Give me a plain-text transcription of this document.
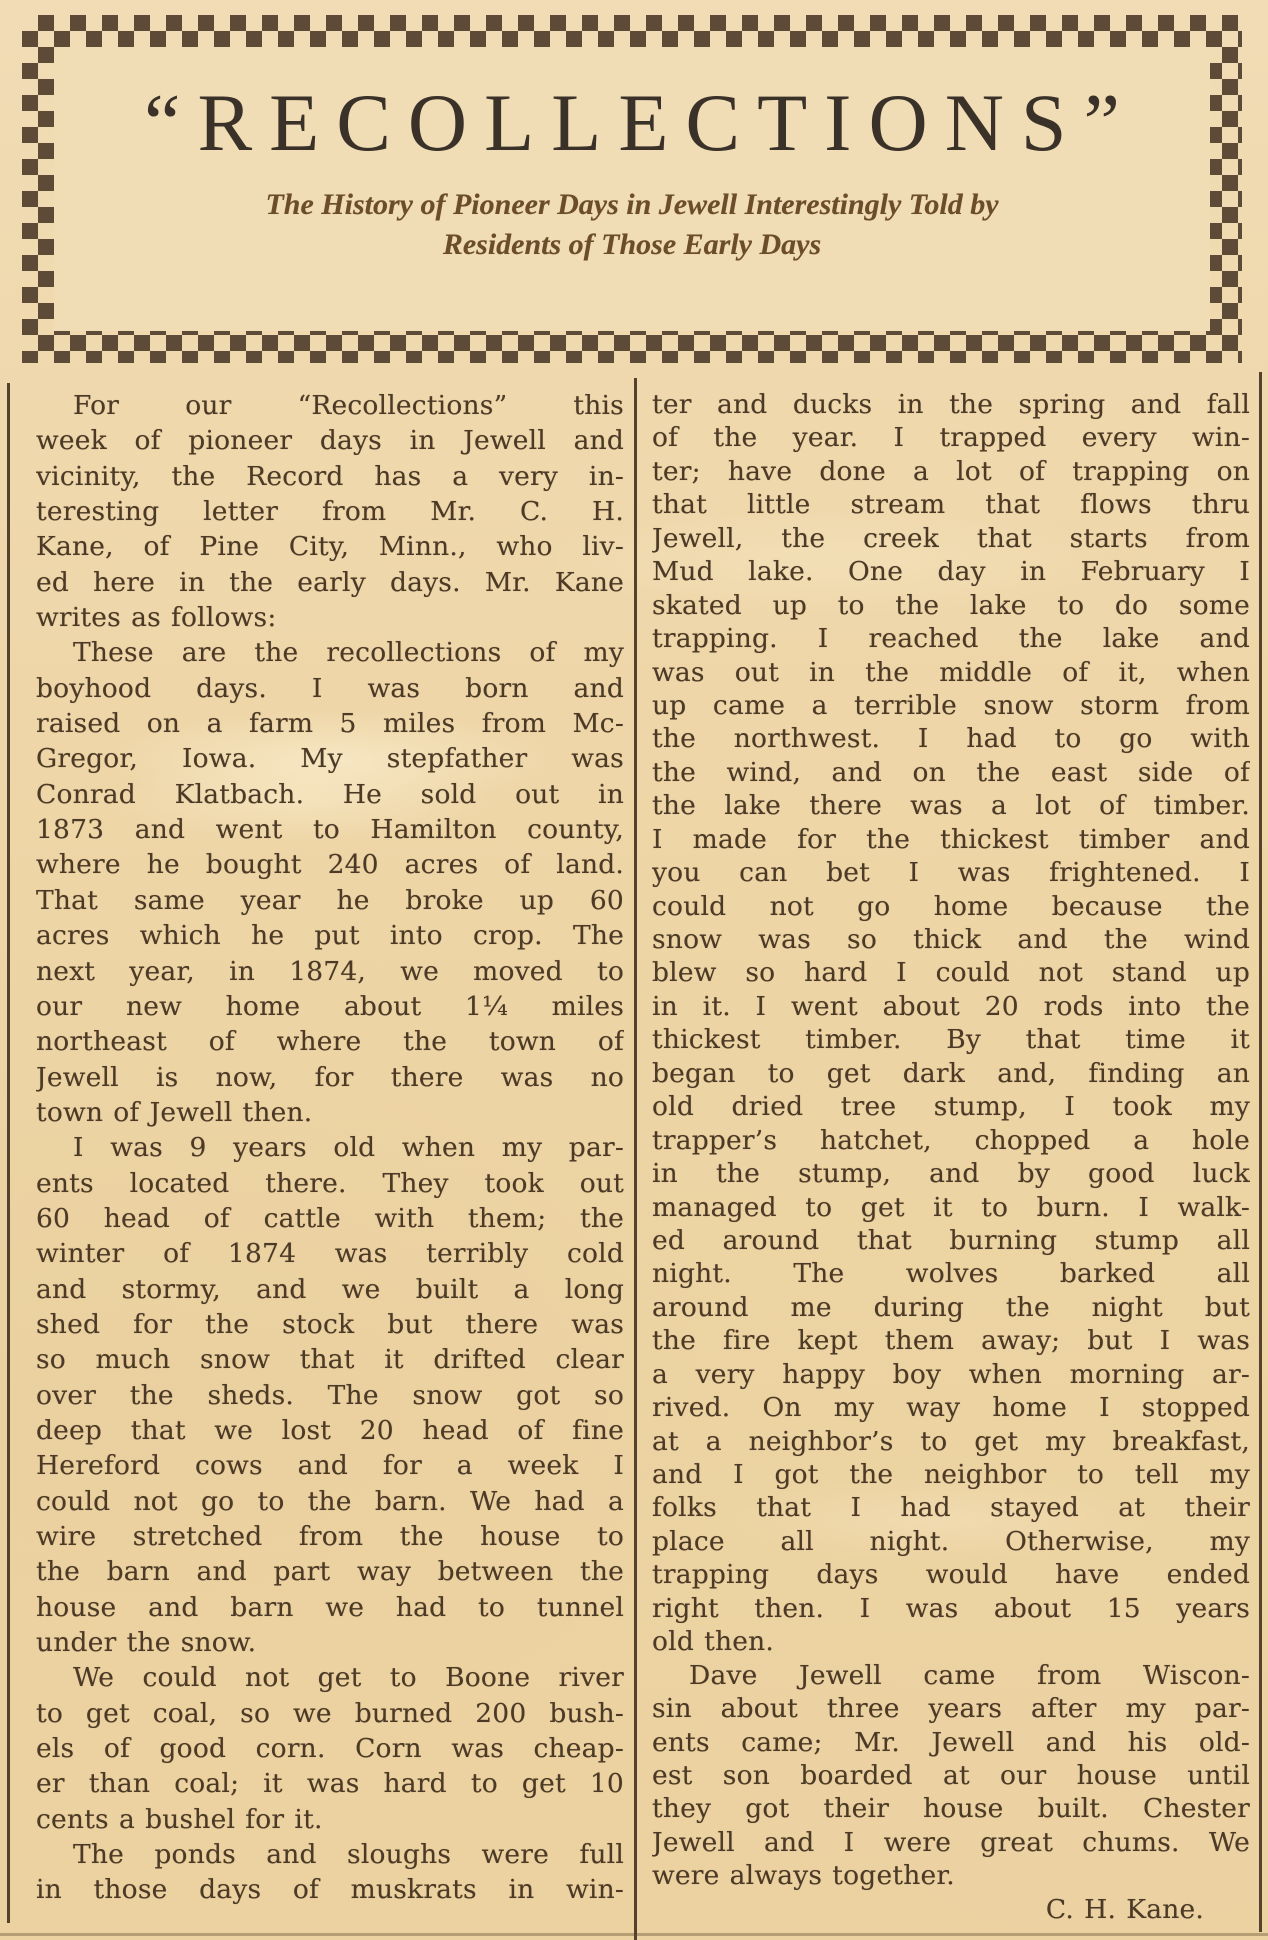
“RECOLLECTIONS”
The History of Pioneer Days in Jewell Interestingly Told by
Residents of Those Early Days
For our “Recollections” this
week of pioneer days in Jewell and
vicinity, the Record has a very in-
teresting letter from Mr. C. H.
Kane, of Pine City, Minn., who liv-
ed here in the early days. Mr. Kane
writes as follows:
These are the recollections of my
boyhood days. I was born and
raised on a farm 5 miles from Mc-
Gregor, Iowa. My stepfather was
Conrad Klatbach. He sold out in
1873 and went to Hamilton county,
where he bought 240 acres of land.
That same year he broke up 60
acres which he put into crop. The
next year, in 1874, we moved to
our new home about 1¼ miles
northeast of where the town of
Jewell is now, for there was no
town of Jewell then.
I was 9 years old when my par-
ents located there. They took out
60 head of cattle with them; the
winter of 1874 was terribly cold
and stormy, and we built a long
shed for the stock but there was
so much snow that it drifted clear
over the sheds. The snow got so
deep that we lost 20 head of fine
Hereford cows and for a week I
could not go to the barn. We had a
wire stretched from the house to
the barn and part way between the
house and barn we had to tunnel
under the snow.
We could not get to Boone river
to get coal, so we burned 200 bush-
els of good corn. Corn was cheap-
er than coal; it was hard to get 10
cents a bushel for it.
The ponds and sloughs were full
in those days of muskrats in win-
ter and ducks in the spring and fall
of the year. I trapped every win-
ter; have done a lot of trapping on
that little stream that flows thru
Jewell, the creek that starts from
Mud lake. One day in February I
skated up to the lake to do some
trapping. I reached the lake and
was out in the middle of it, when
up came a terrible snow storm from
the northwest. I had to go with
the wind, and on the east side of
the lake there was a lot of timber.
I made for the thickest timber and
you can bet I was frightened. I
could not go home because the
snow was so thick and the wind
blew so hard I could not stand up
in it. I went about 20 rods into the
thickest timber. By that time it
began to get dark and, finding an
old dried tree stump, I took my
trapper’s hatchet, chopped a hole
in the stump, and by good luck
managed to get it to burn. I walk-
ed around that burning stump all
night. The wolves barked all
around me during the night but
the fire kept them away; but I was
a very happy boy when morning ar-
rived. On my way home I stopped
at a neighbor’s to get my breakfast,
and I got the neighbor to tell my
folks that I had stayed at their
place all night. Otherwise, my
trapping days would have ended
right then. I was about 15 years
old then.
Dave Jewell came from Wiscon-
sin about three years after my par-
ents came; Mr. Jewell and his old-
est son boarded at our house until
they got their house built. Chester
Jewell and I were great chums. We
were always together.
C. H. Kane.
